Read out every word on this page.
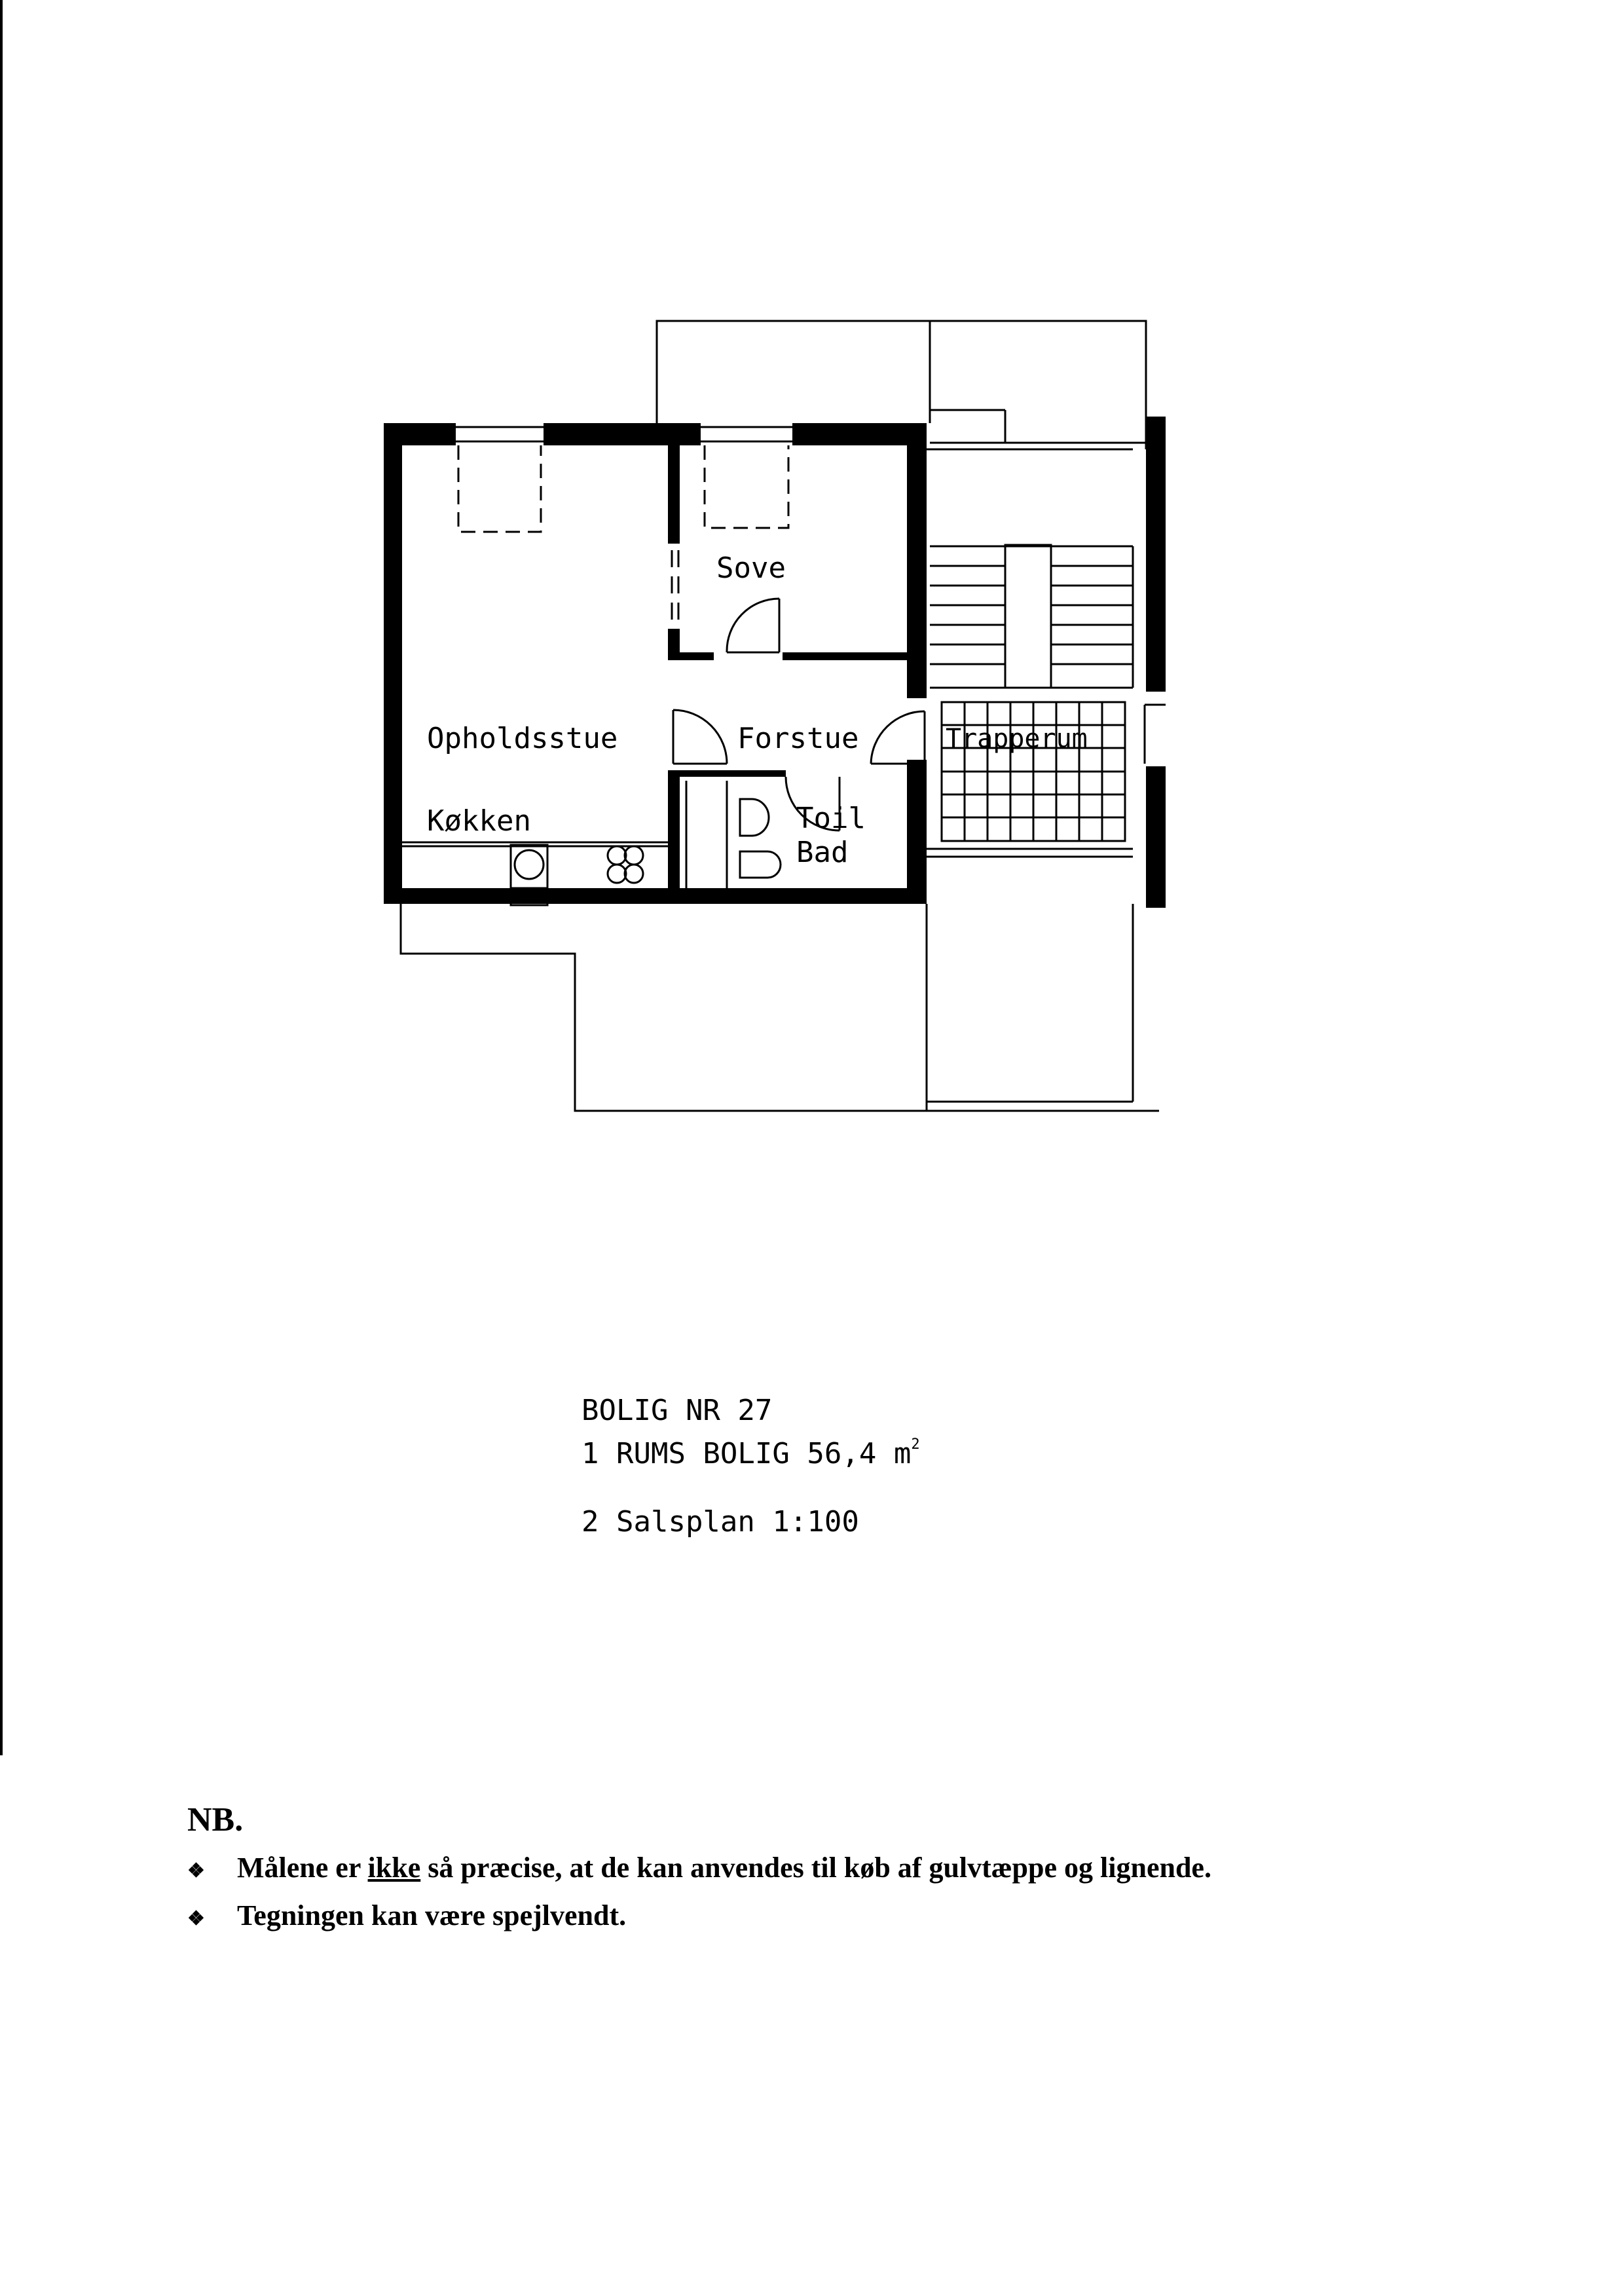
Sove
Opholdsstue	Forstue	Trapperum
Køkken	Toil
Bad

BOLIG NR 27

1 RUMS BOLIG 56,4 $m^2$

2 Salsplan 1:100

NB.
❖	Målene er ikke så præcise, at de kan anvendes til køb af gulvtæppe og lignende.
❖	Tegningen kan være spejlvendt.
